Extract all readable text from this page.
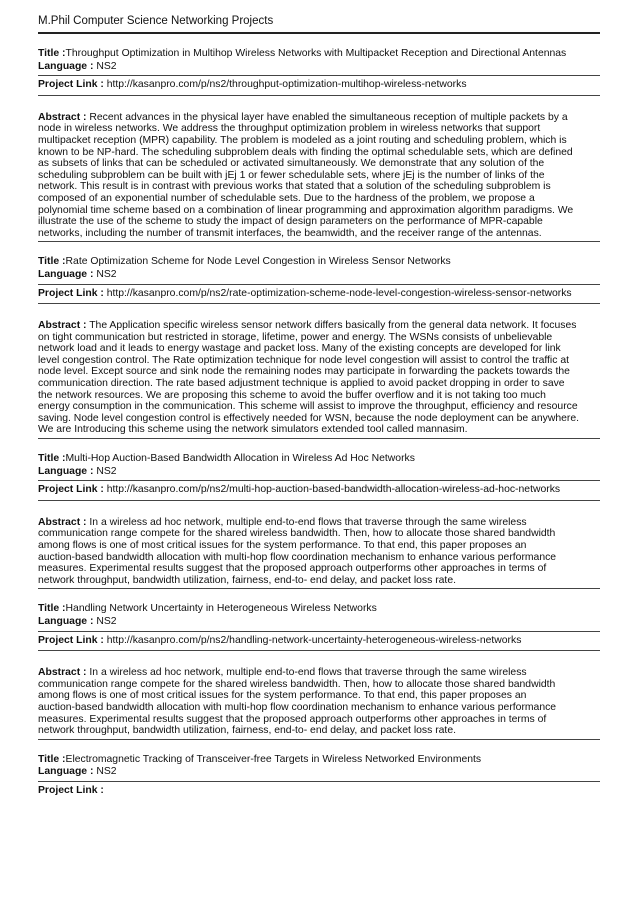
M.Phil Computer Science Networking Projects
Title :Throughput Optimization in Multihop Wireless Networks with Multipacket Reception and Directional Antennas
Language : NS2
Project Link : http://kasanpro.com/p/ns2/throughput-optimization-multihop-wireless-networks
Abstract : Recent advances in the physical layer have enabled the simultaneous reception of multiple packets by a
node in wireless networks. We address the throughput optimization problem in wireless networks that support
multipacket reception (MPR) capability. The problem is modeled as a joint routing and scheduling problem, which is
known to be NP-hard. The scheduling subproblem deals with finding the optimal schedulable sets, which are defined
as subsets of links that can be scheduled or activated simultaneously. We demonstrate that any solution of the
scheduling subproblem can be built with jEj 1 or fewer schedulable sets, where jEj is the number of links of the
network. This result is in contrast with previous works that stated that a solution of the scheduling subproblem is
composed of an exponential number of schedulable sets. Due to the hardness of the problem, we propose a
polynomial time scheme based on a combination of linear programming and approximation algorithm paradigms. We
illustrate the use of the scheme to study the impact of design parameters on the performance of MPR-capable
networks, including the number of transmit interfaces, the beamwidth, and the receiver range of the antennas.
Title :Rate Optimization Scheme for Node Level Congestion in Wireless Sensor Networks
Language : NS2
Project Link : http://kasanpro.com/p/ns2/rate-optimization-scheme-node-level-congestion-wireless-sensor-networks
Abstract : The Application specific wireless sensor network differs basically from the general data network. It focuses
on tight communication but restricted in storage, lifetime, power and energy. The WSNs consists of unbelievable
network load and it leads to energy wastage and packet loss. Many of the existing concepts are developed for link
level congestion control. The Rate optimization technique for node level congestion will assist to control the traffic at
node level. Except source and sink node the remaining nodes may participate in forwarding the packets towards the
communication direction. The rate based adjustment technique is applied to avoid packet dropping in order to save
the network resources. We are proposing this scheme to avoid the buffer overflow and it is not taking too much
energy consumption in the communication. This scheme will assist to improve the throughput, efficiency and resource
saving. Node level congestion control is effectively needed for WSN, because the node deployment can be anywhere.
We are Introducing this scheme using the network simulators extended tool called mannasim.
Title :Multi-Hop Auction-Based Bandwidth Allocation in Wireless Ad Hoc Networks
Language : NS2
Project Link : http://kasanpro.com/p/ns2/multi-hop-auction-based-bandwidth-allocation-wireless-ad-hoc-networks
Abstract : In a wireless ad hoc network, multiple end-to-end flows that traverse through the same wireless
communication range compete for the shared wireless bandwidth. Then, how to allocate those shared bandwidth
among flows is one of most critical issues for the system performance. To that end, this paper proposes an
auction-based bandwidth allocation with multi-hop flow coordination mechanism to enhance various performance
measures. Experimental results suggest that the proposed approach outperforms other approaches in terms of
network throughput, bandwidth utilization, fairness, end-to- end delay, and packet loss rate.
Title :Handling Network Uncertainty in Heterogeneous Wireless Networks
Language : NS2
Project Link : http://kasanpro.com/p/ns2/handling-network-uncertainty-heterogeneous-wireless-networks
Abstract : In a wireless ad hoc network, multiple end-to-end flows that traverse through the same wireless
communication range compete for the shared wireless bandwidth. Then, how to allocate those shared bandwidth
among flows is one of most critical issues for the system performance. To that end, this paper proposes an
auction-based bandwidth allocation with multi-hop flow coordination mechanism to enhance various performance
measures. Experimental results suggest that the proposed approach outperforms other approaches in terms of
network throughput, bandwidth utilization, fairness, end-to- end delay, and packet loss rate.
Title :Electromagnetic Tracking of Transceiver-free Targets in Wireless Networked Environments
Language : NS2
Project Link :
